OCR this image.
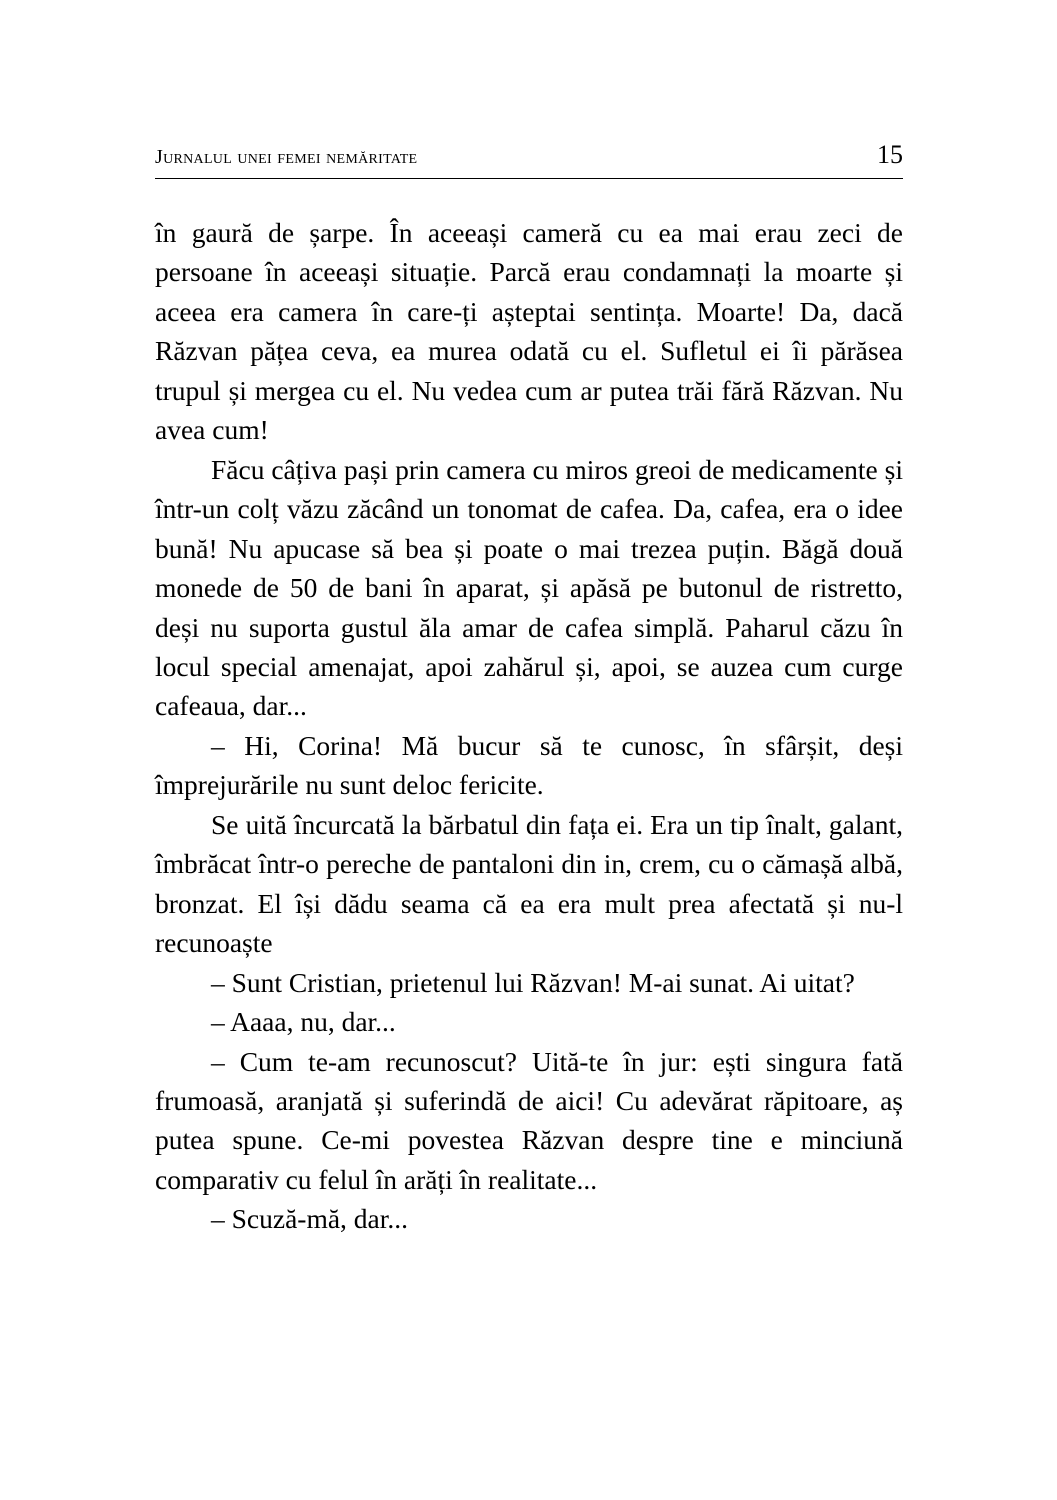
Jurnalul unei femei nemăritate	15

în gaură de șarpe. În aceeași cameră cu ea mai erau zeci de persoane în aceeași situație. Parcă erau condamnați la moarte și aceea era camera în care-ți așteptai sentința. Moarte! Da, dacă Răzvan pățea ceva, ea murea odată cu el. Sufletul ei îi părăsea trupul și mergea cu el. Nu vedea cum ar putea trăi fără Răzvan. Nu avea cum!

Făcu câțiva pași prin camera cu miros greoi de medicamente și într-un colț văzu zăcând un tonomat de cafea. Da, cafea, era o idee bună! Nu apucase să bea și poate o mai trezea puțin. Băgă două monede de 50 de bani în aparat, și apăsă pe butonul de ristretto, deși nu suporta gustul ăla amar de cafea simplă. Paharul căzu în locul special amenajat, apoi zahărul și, apoi, se auzea cum curge cafeaua, dar...

– Hi, Corina! Mă bucur să te cunosc, în sfârșit, deși împrejurările nu sunt deloc fericite.

Se uită încurcată la bărbatul din fața ei. Era un tip înalt, galant, îmbrăcat într-o pereche de pantaloni din in, crem, cu o cămașă albă, bronzat. El își dădu seama că ea era mult prea afectată și nu-l recunoaște

– Sunt Cristian, prietenul lui Răzvan! M-ai sunat. Ai uitat?

– Aaaa, nu, dar...

– Cum te-am recunoscut? Uită-te în jur: ești singura fată frumoasă, aranjată și suferindă de aici! Cu adevărat răpitoare, aș putea spune. Ce-mi povestea Răzvan despre tine e minciună comparativ cu felul în arăți în realitate...

– Scuză-mă, dar...
